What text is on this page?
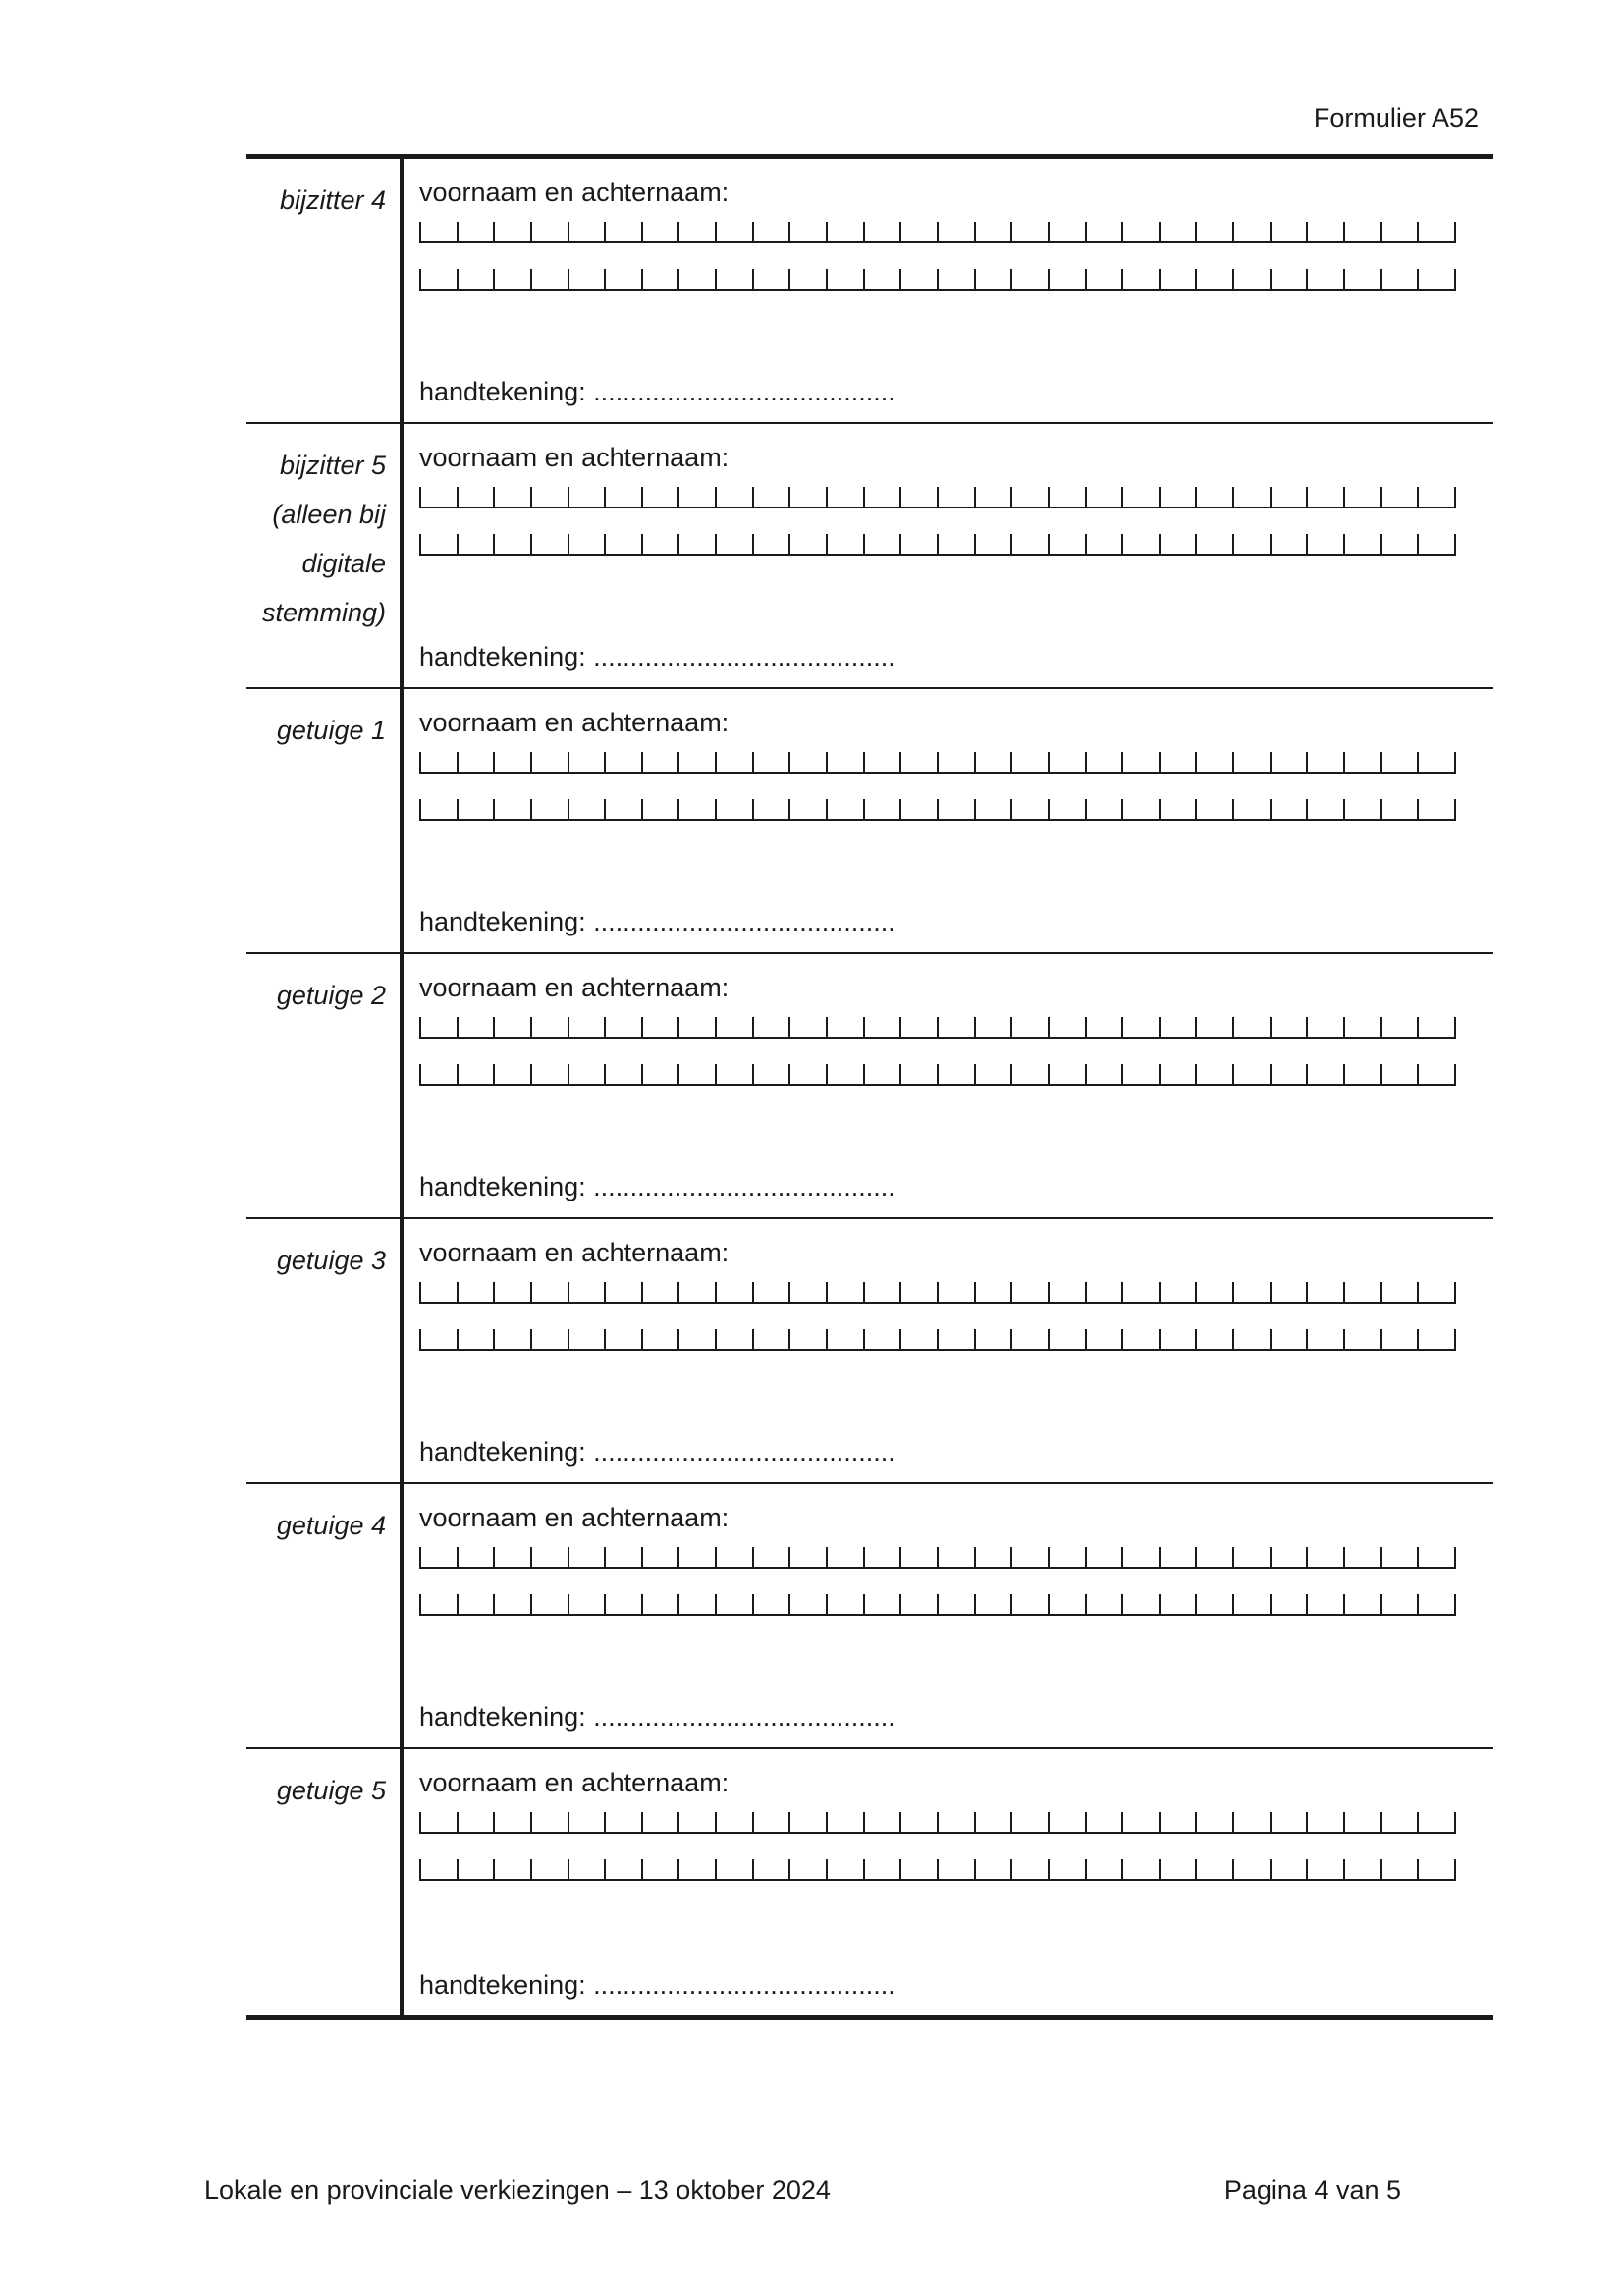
Formulier A52
bijzitter 4 voornaam en achternaam:
handtekening: .........................................
bijzitter 5
(alleen bij
digitale
stemming)
voornaam en achternaam:
handtekening: .........................................
getuige 1 voornaam en achternaam:
handtekening: .........................................
getuige 2 voornaam en achternaam:
handtekening: .........................................
getuige 3 voornaam en achternaam:
handtekening: .........................................
getuige 4 voornaam en achternaam:
handtekening: .........................................
getuige 5 voornaam en achternaam:
handtekening: .........................................
Lokale en provinciale verkiezingen – 13 oktober 2024	Pagina 4 van 5
